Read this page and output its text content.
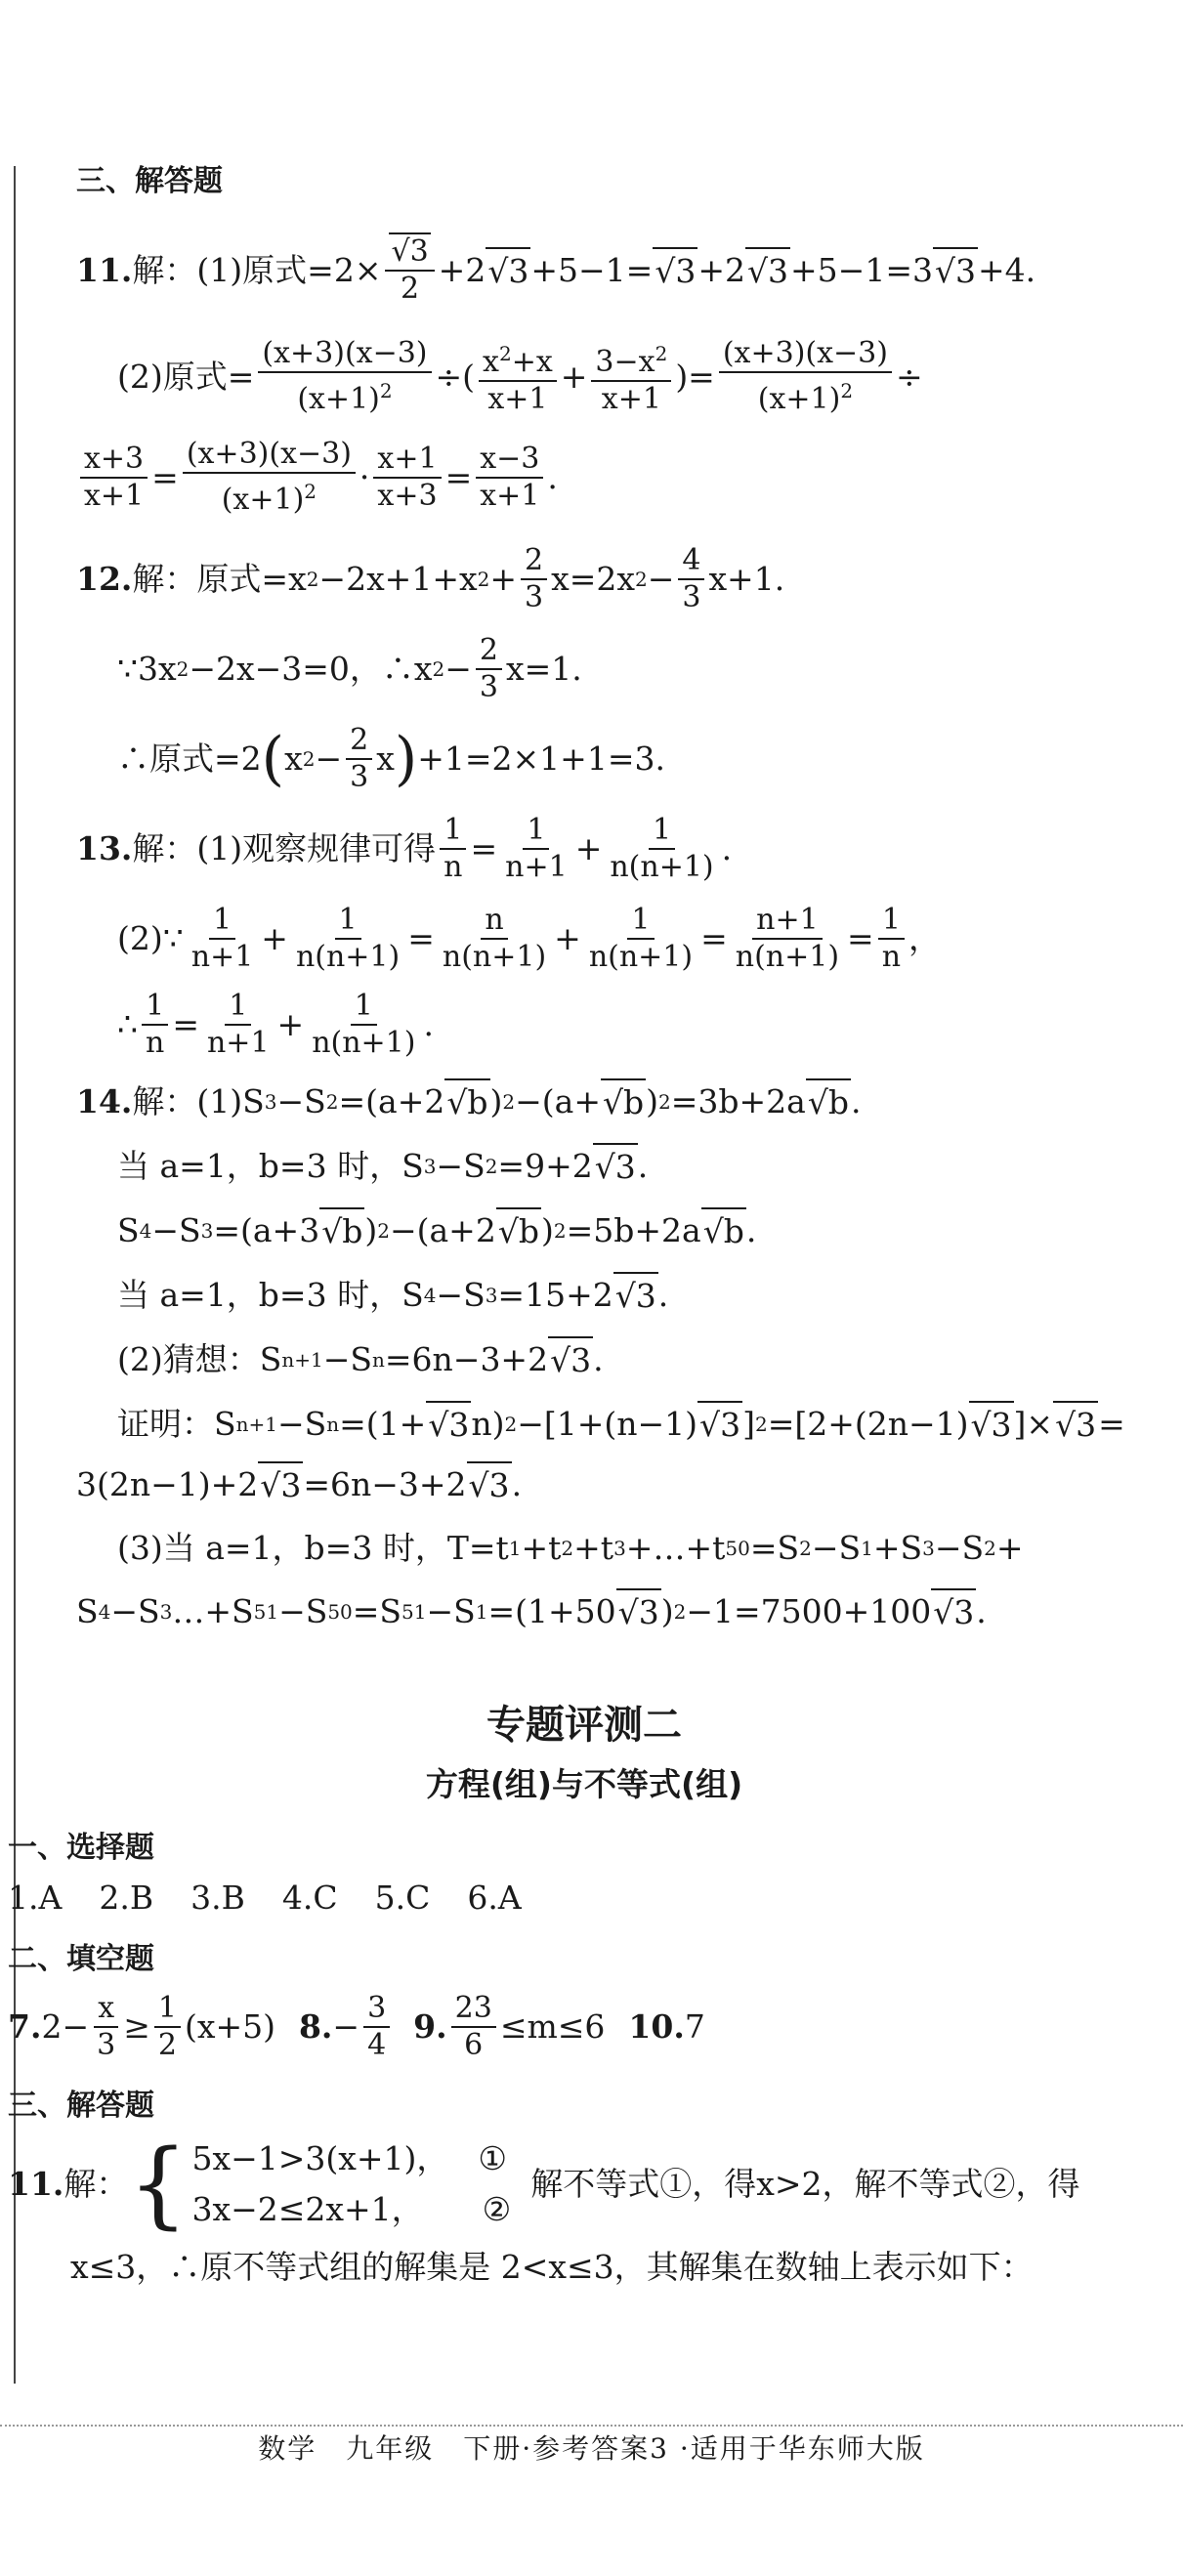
三、解答题

11. 解：(1)原式$=2\times \frac{√3}{2} +2$ √3 +5−1= √3 +2 √3 +5−1=3 √3 +4.
(2)原式= $\frac{(x+3)(x-3)}{(x+1)^2}$ ÷( $x^2+x$
x+1
+ $\frac{3-x^2}{x+1}$ )= $\frac{(x+3)(x-3)}{(x+1)^2}$ ÷
$\frac{x+3}{x+1} = \frac{(x+3)(x-3)}{(x+1)^2} \cdot \frac{x+1}{x+3} = \frac{x-3}{x+1}$ .
12. 解：原式=x 2 −2x+1+x $2 + \frac{2}{3} x=2x$ $2 - \frac{4}{3} x+1$.
∵3x 2 −2x−3=0，∴x $2 - \frac{2}{3} x=1$.
∴原式=2 ( x $2 - \frac{2}{3}$ x ) +1=2×1+1=3.
13. 解：(1)观察规律可得 $\frac{1}{n} = \frac{1}{n+1} + \frac{1}{n(n+1)}$ .
(2)∵ 1
$n+1 + \frac{1}{n(n+1)} = \frac{n}{n(n+1)} + \frac{1}{n(n+1)} = \frac{n+1}{n(n+1)} = \frac{1}{n}$ ，
∴ $\frac{1}{n} = \frac{1}{n+1} + \frac{1}{n(n+1)}$ .
14. 解：(1)S 3 −S 2 =(a+2 √b ) 2 −(a+ √b ) 2 =3b+2a √b .
当 a=1，b=3 时，S 3 −S 2 =9+2 √3 .
S 4 −S 3 =(a+3 √b ) 2 −(a+2 √b ) 2 =5b+2a √b .
当 a=1，b=3 时，S 4 −S 3 =15+2 √3 .
(2)猜想：S n+1 −S n =6n−3+2 √3 .
证明：S n+1 −S n =(1+ √3 n) 2 −[1+(n−1) √3 ] 2 =[2+(2n−1) √3 ]× √3 =
3(2n−1)+2 √3 =6n−3+2 √3 .
(3)当 a=1，b=3 时，T=t 1 +t 2 +t 3 +…+t 50 =S 2 −S 1 +S 3 −S 2 +
S 4 −S 3 …+S 51 −S 50 =S 51 −S 1 =(1+50 √3 ) 2 −1=7500+100 √3 .
专题评测二
方程(组)与不等式(组)

一、选择题

1.A 2.B 3.B 4.C 5.C 6.A

二、填空题

7. $2- \frac{x}{3} \ge \frac{1}{2} (x+5) 8$. − $\frac{3}{4} 9$. $\frac{23}{6} \le m\le 6$ 10. 7

三、解答题

11. 解： { 5x−1>3(x+1)， ①
3x−2≤2x+1， ②
解不等式①，得x>2，解不等式②，得
x≤3，∴原不等式组的解集是 2<x≤3，其解集在数轴上表示如下：
数学　九年级　下册·参考答案3 ·适用于华东师大版
